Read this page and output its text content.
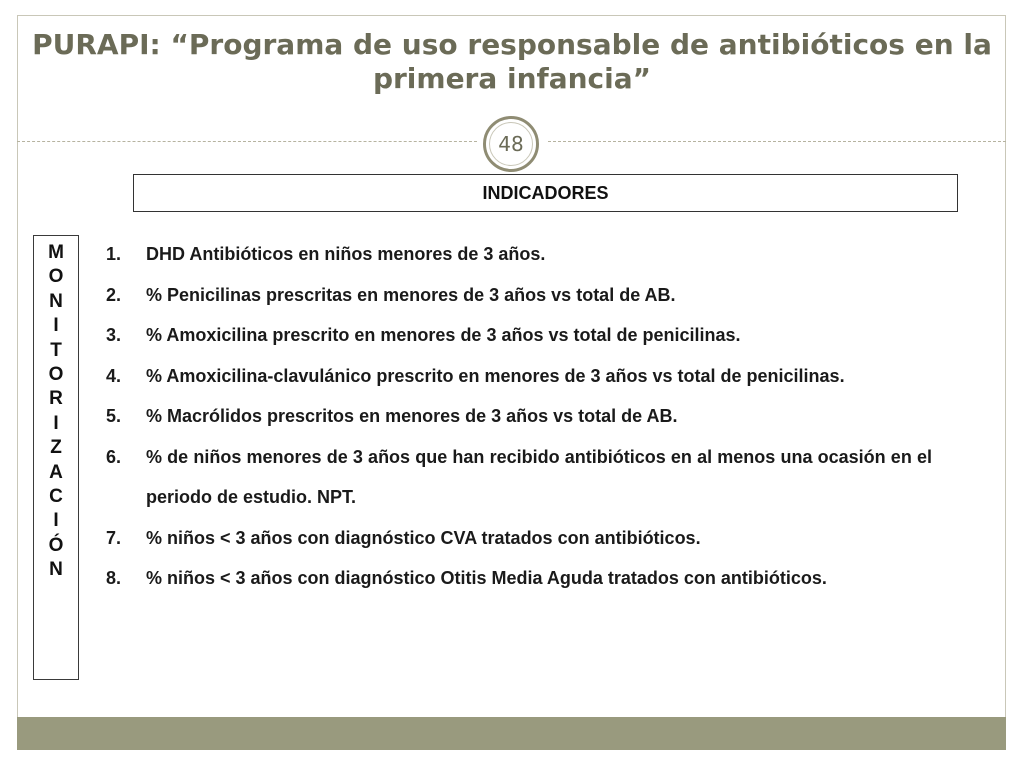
PURAPI: “Programa de uso responsable de antibióticos en la primera infancia”
48
INDICADORES
M
O
N
I
T
O
R
I
Z
A
C
I
Ó
N
1. DHD Antibióticos en niños menores de 3 años.
2. % Penicilinas prescritas en menores de 3 años vs total de AB.
3. % Amoxicilina prescrito en menores de 3 años vs total de penicilinas.
4. % Amoxicilina-clavulánico prescrito en menores de 3 años vs total de penicilinas.
5. % Macrólidos prescritos en menores de 3 años vs total de AB.
6. % de niños menores de 3 años que han recibido antibióticos en al menos una ocasión en el periodo de estudio. NPT.
7. % niños < 3 años con diagnóstico CVA tratados con antibióticos.
8. % niños < 3 años con diagnóstico Otitis Media Aguda tratados con antibióticos.
